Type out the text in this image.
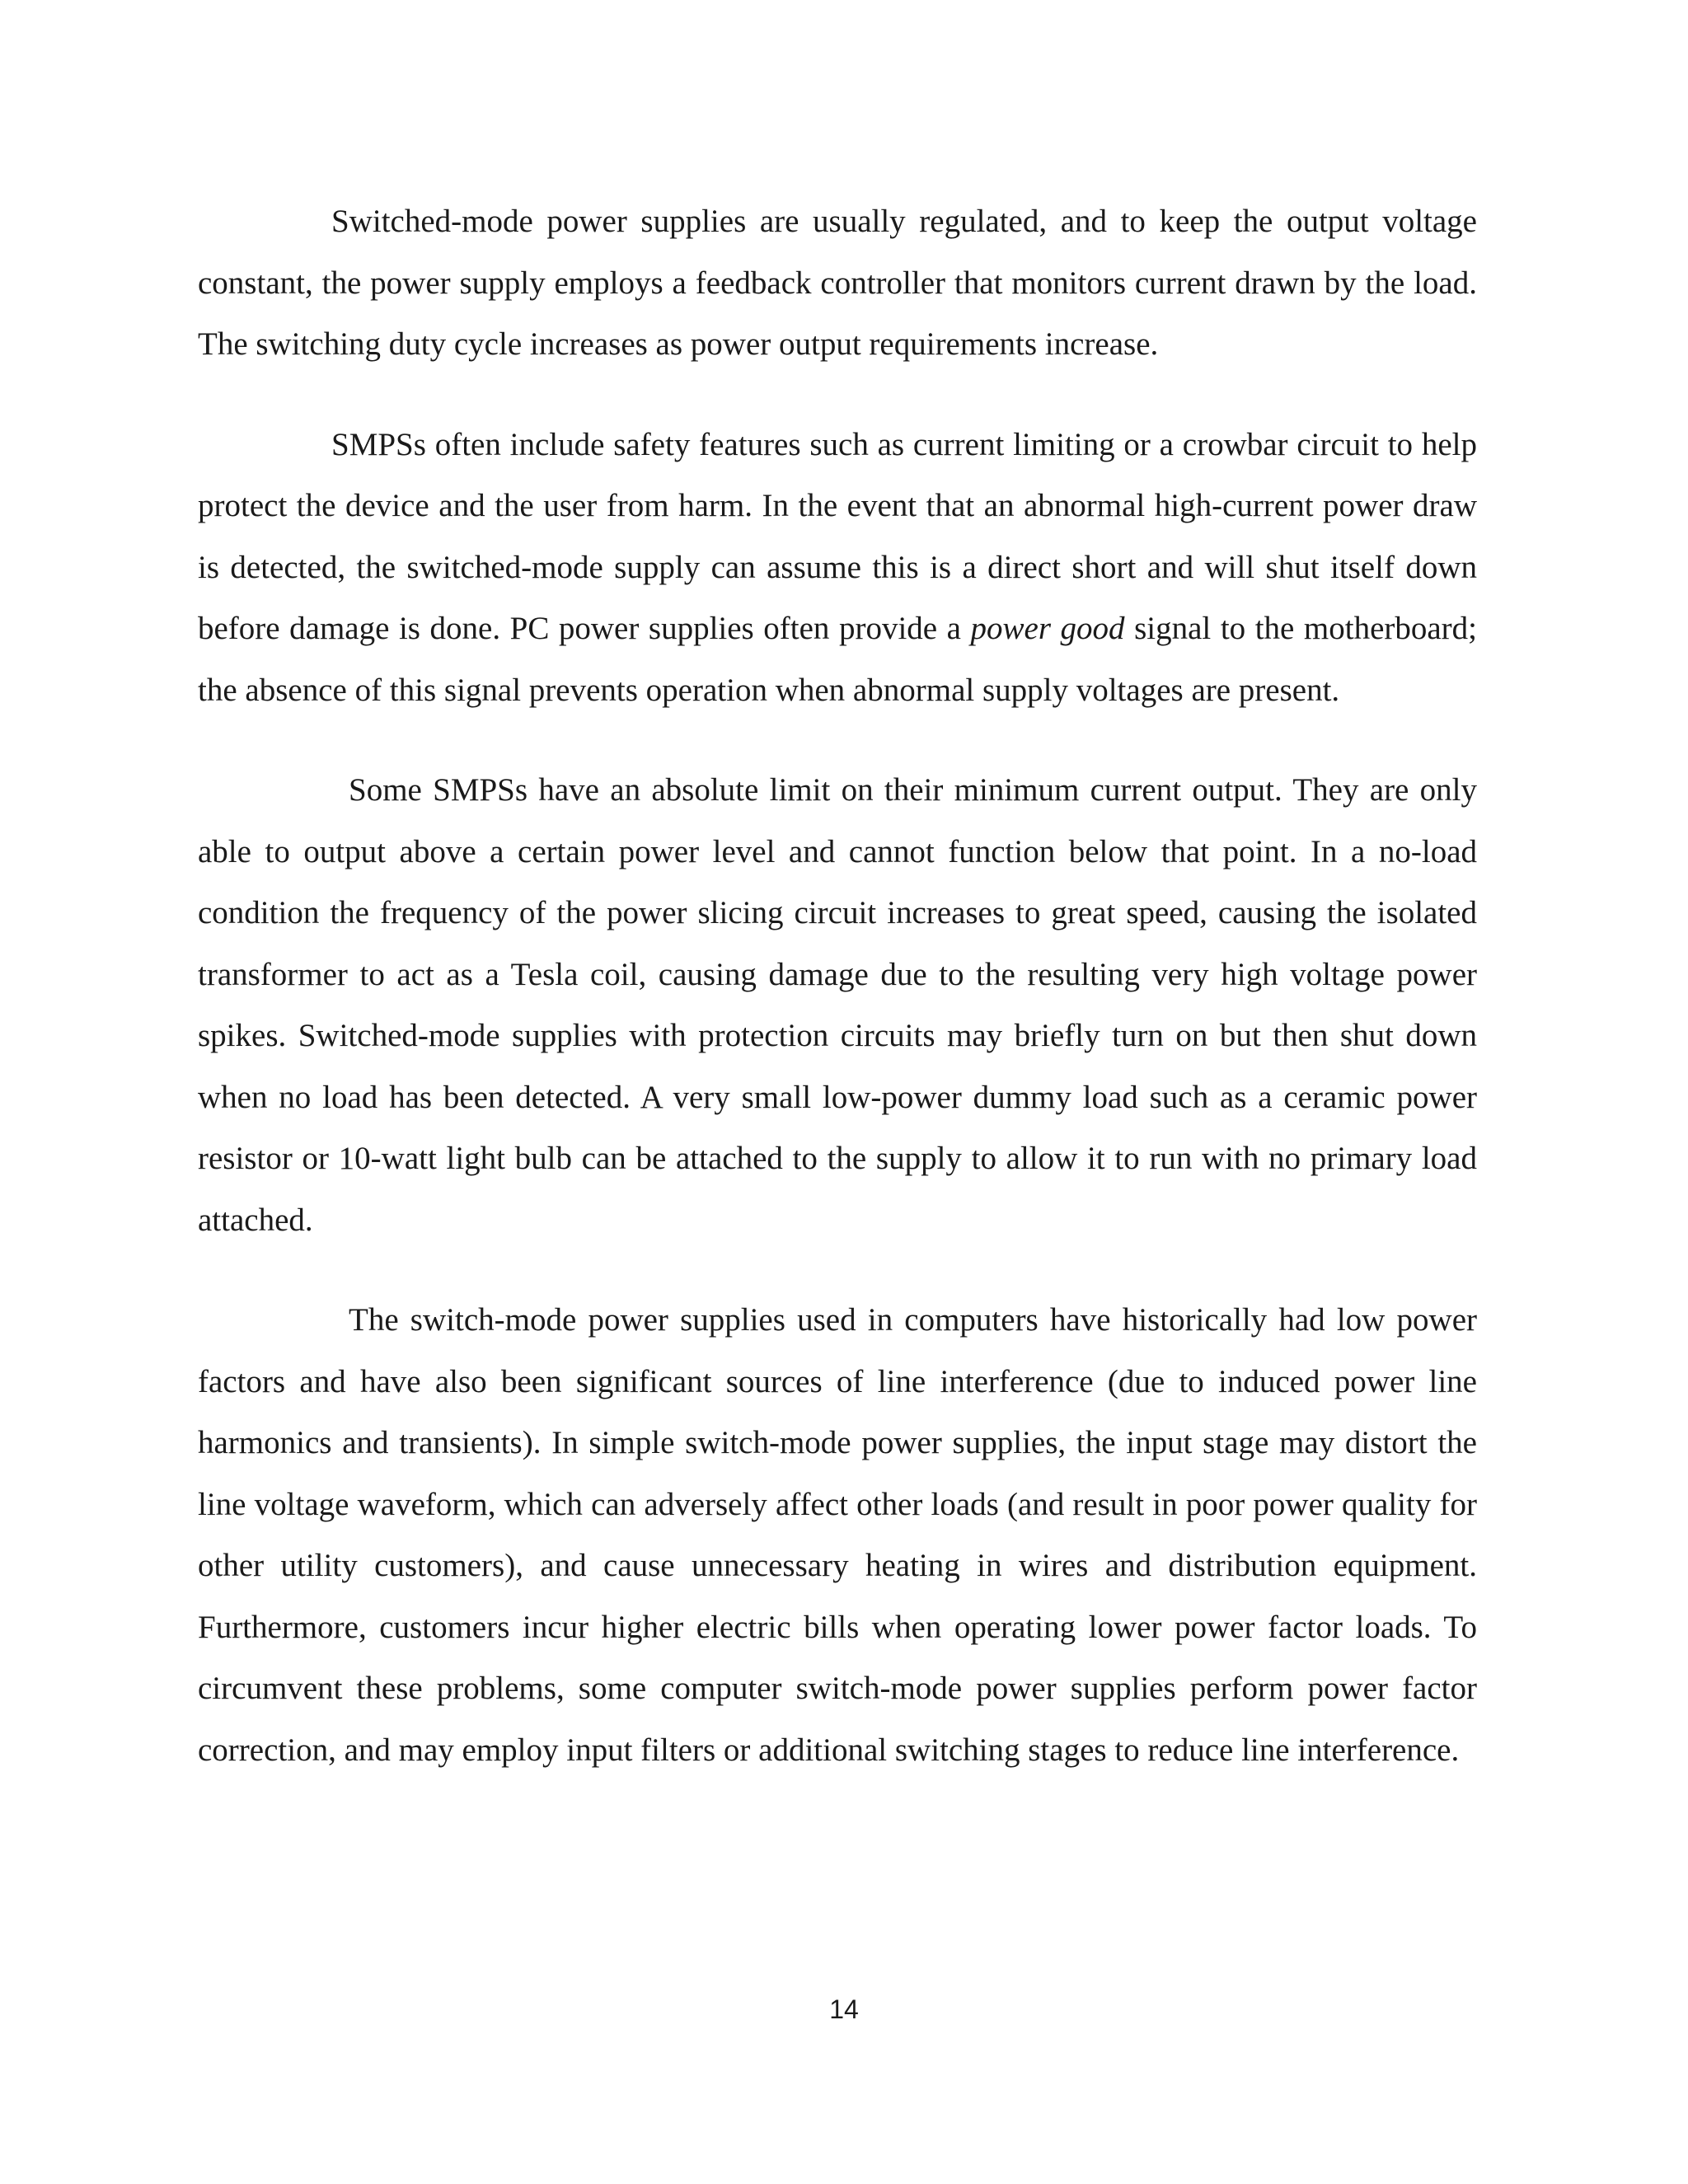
Switched-mode power supplies are usually regulated, and to keep the output voltage constant, the power supply employs a feedback controller that monitors current drawn by the load. The switching duty cycle increases as power output requirements increase.

SMPSs often include safety features such as current limiting or a crowbar circuit to help protect the device and the user from harm. In the event that an abnormal high-current power draw is detected, the switched-mode supply can assume this is a direct short and will shut itself down before damage is done. PC power supplies often provide a power good signal to the motherboard; the absence of this signal prevents operation when abnormal supply voltages are present.

Some SMPSs have an absolute limit on their minimum current output. They are only able to output above a certain power level and cannot function below that point. In a no-load condition the frequency of the power slicing circuit increases to great speed, causing the isolated transformer to act as a Tesla coil, causing damage due to the resulting very high voltage power spikes. Switched-mode supplies with protection circuits may briefly turn on but then shut down when no load has been detected. A very small low-power dummy load such as a ceramic power resistor or 10-watt light bulb can be attached to the supply to allow it to run with no primary load attached.

The switch-mode power supplies used in computers have historically had low power factors and have also been significant sources of line interference (due to induced power line harmonics and transients). In simple switch-mode power supplies, the input stage may distort the line voltage waveform, which can adversely affect other loads (and result in poor power quality for other utility customers), and cause unnecessary heating in wires and distribution equipment. Furthermore, customers incur higher electric bills when operating lower power factor loads. To circumvent these problems, some computer switch-mode power supplies perform power factor correction, and may employ input filters or additional switching stages to reduce line interference.

14
